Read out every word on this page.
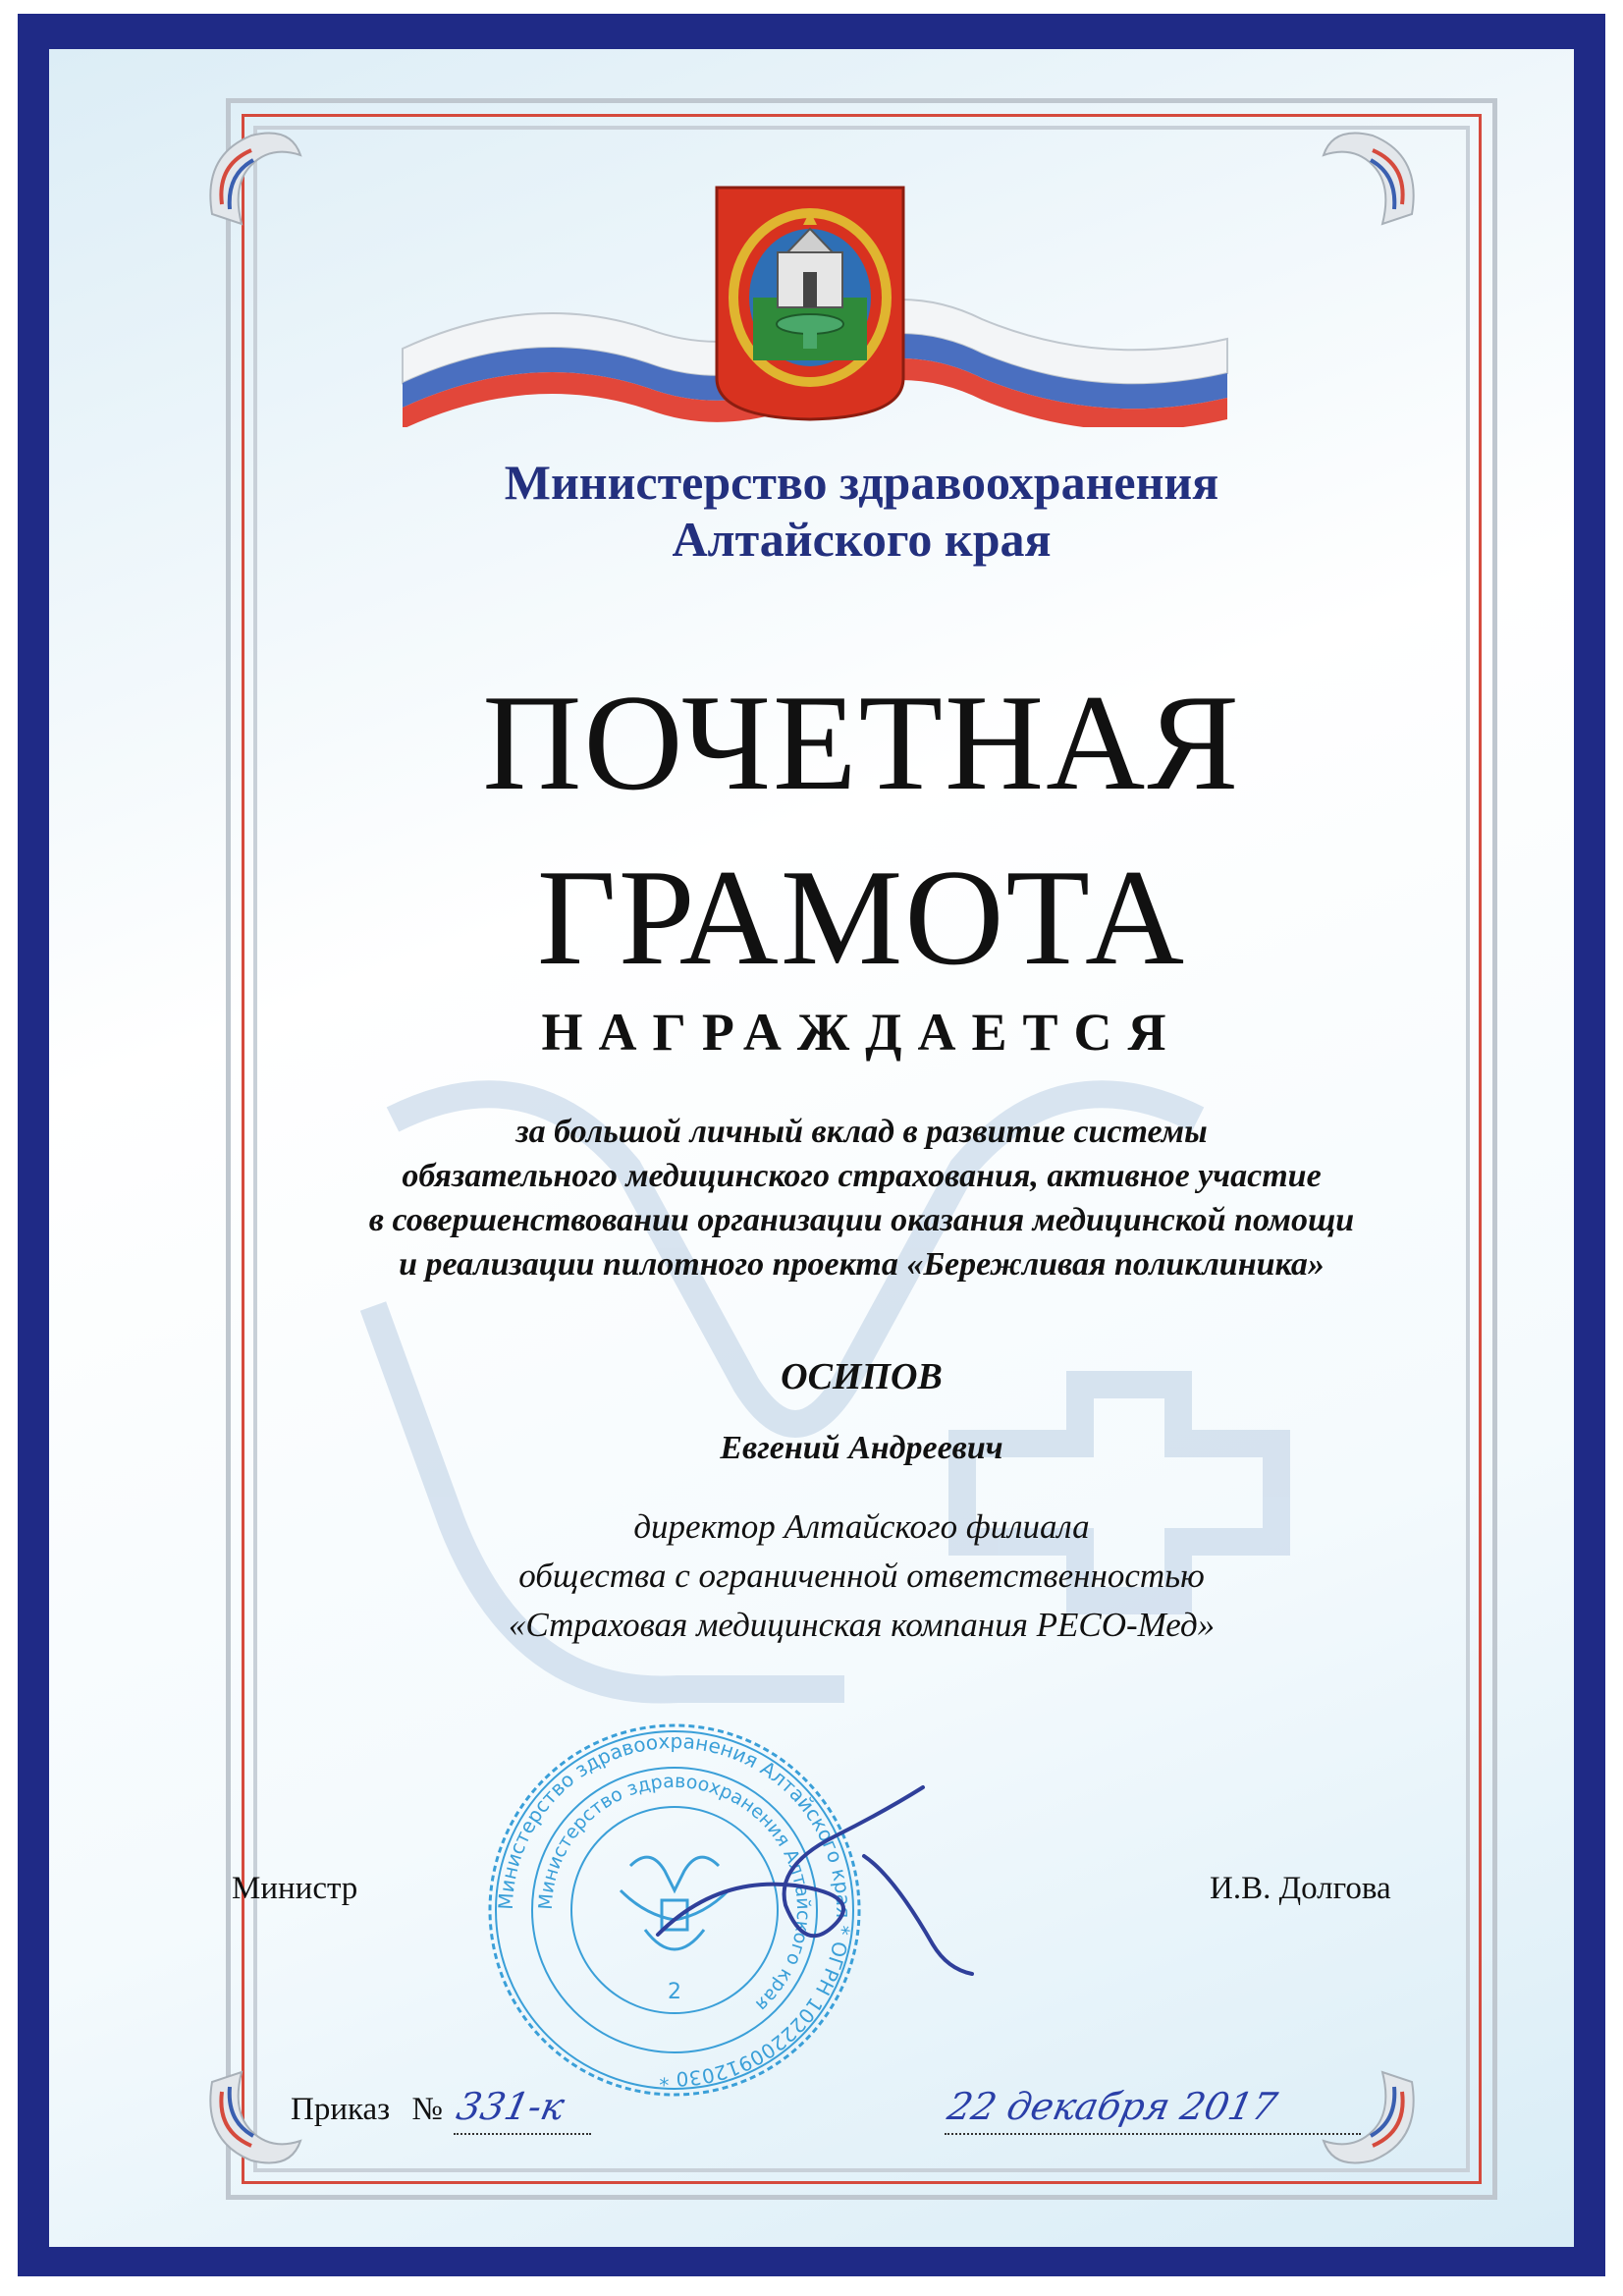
Министерство здравоохранения
Алтайского края
ПОЧЕТНАЯ
ГРАМОТА
НАГРАЖДАЕТСЯ
за большой личный вклад в развитие системы
обязательного медицинского страхования, активное участие
в совершенствовании организации оказания медицинской помощи
и реализации пилотного проекта «Бережливая поликлиника»
ОСИПОВ
Евгений Андреевич
директор Алтайского филиала
общества с ограниченной ответственностью
«Страховая медицинская компания РЕСО-Мед»
Министерство здравоохранения Алтайского края * ОГРН 1022200912030 *
Министерство здравоохранения Алтайского края
2
Министр	И.В. Долгова
Приказ № 331-к	22 декабря 2017
